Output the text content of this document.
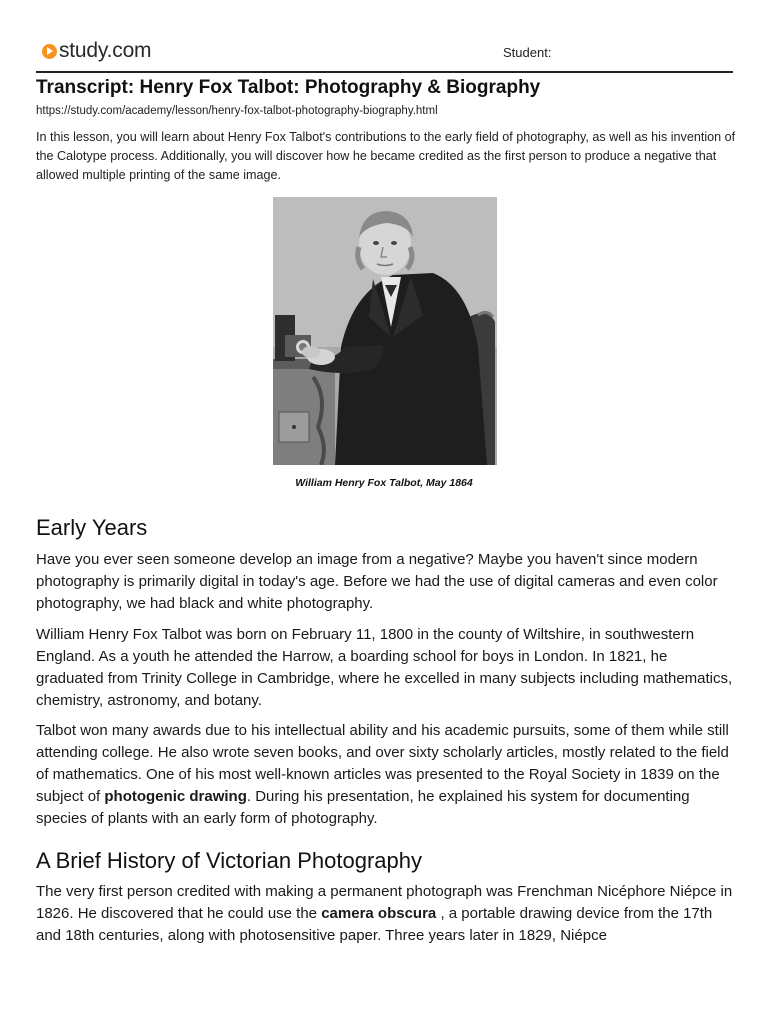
study.com	Student:
Transcript: Henry Fox Talbot: Photography & Biography
https://study.com/academy/lesson/henry-fox-talbot-photography-biography.html

In this lesson, you will learn about Henry Fox Talbot's contributions to the early field of photography, as well as his invention of the Calotype process. Additionally, you will discover how he became credited as the first person to produce a negative that allowed multiple printing of the same image.

William Henry Fox Talbot, May 1864
Early Years

Have you ever seen someone develop an image from a negative? Maybe you haven't since modern photography is primarily digital in today's age. Before we had the use of digital cameras and even color photography, we had black and white photography.

William Henry Fox Talbot was born on February 11, 1800 in the county of Wiltshire, in southwestern England. As a youth he attended the Harrow, a boarding school for boys in London. In 1821, he graduated from Trinity College in Cambridge, where he excelled in many subjects including mathematics, chemistry, astronomy, and botany.

Talbot won many awards due to his intellectual ability and his academic pursuits, some of them while still attending college. He also wrote seven books, and over sixty scholarly articles, mostly related to the field of mathematics. One of his most well-known articles was presented to the Royal Society in 1839 on the subject of photogenic drawing. During his presentation, he explained his system for documenting species of plants with an early form of photography.

A Brief History of Victorian Photography

The very first person credited with making a permanent photograph was Frenchman Nicéphore Niépce in 1826. He discovered that he could use the camera obscura , a portable drawing device from the 17th and 18th centuries, along with photosensitive paper. Three years later in 1829, Niépce
